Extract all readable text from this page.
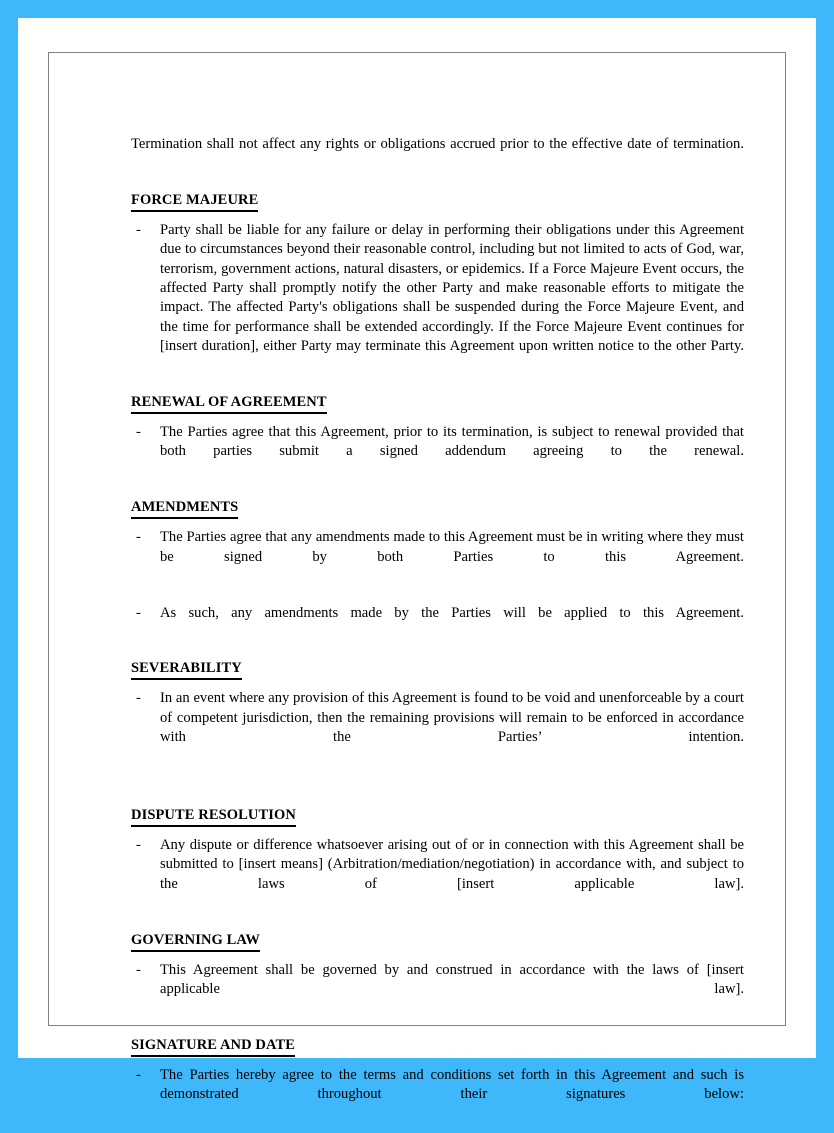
Termination shall not affect any rights or obligations accrued prior to the effective date of termination.

FORCE MAJEURE
- Party shall be liable for any failure or delay in performing their obligations under this Agreement due to circumstances beyond their reasonable control, including but not limited to acts of God, war, terrorism, government actions, natural disasters, or epidemics. If a Force Majeure Event occurs, the affected Party shall promptly notify the other Party and make reasonable efforts to mitigate the impact. The affected Party's obligations shall be suspended during the Force Majeure Event, and the time for performance shall be extended accordingly. If the Force Majeure Event continues for [insert duration], either Party may terminate this Agreement upon written notice to the other Party.
RENEWAL OF AGREEMENT
- The Parties agree that this Agreement, prior to its termination, is subject to renewal provided that both parties submit a signed addendum agreeing to the renewal.
AMENDMENTS
- The Parties agree that any amendments made to this Agreement must be in writing where they must be signed by both Parties to this Agreement.
- As such, any amendments made by the Parties will be applied to this Agreement.
SEVERABILITY
- In an event where any provision of this Agreement is found to be void and unenforceable by a court of competent jurisdiction, then the remaining provisions will remain to be enforced in accordance with the Parties’ intention.
DISPUTE RESOLUTION
- Any dispute or difference whatsoever arising out of or in connection with this Agreement shall be submitted to [insert means] (Arbitration/mediation/negotiation) in accordance with, and subject to the laws of [insert applicable law].
GOVERNING LAW
- This Agreement shall be governed by and construed in accordance with the laws of [insert applicable law].
SIGNATURE AND DATE
- The Parties hereby agree to the terms and conditions set forth in this Agreement and such is demonstrated throughout their signatures below:
